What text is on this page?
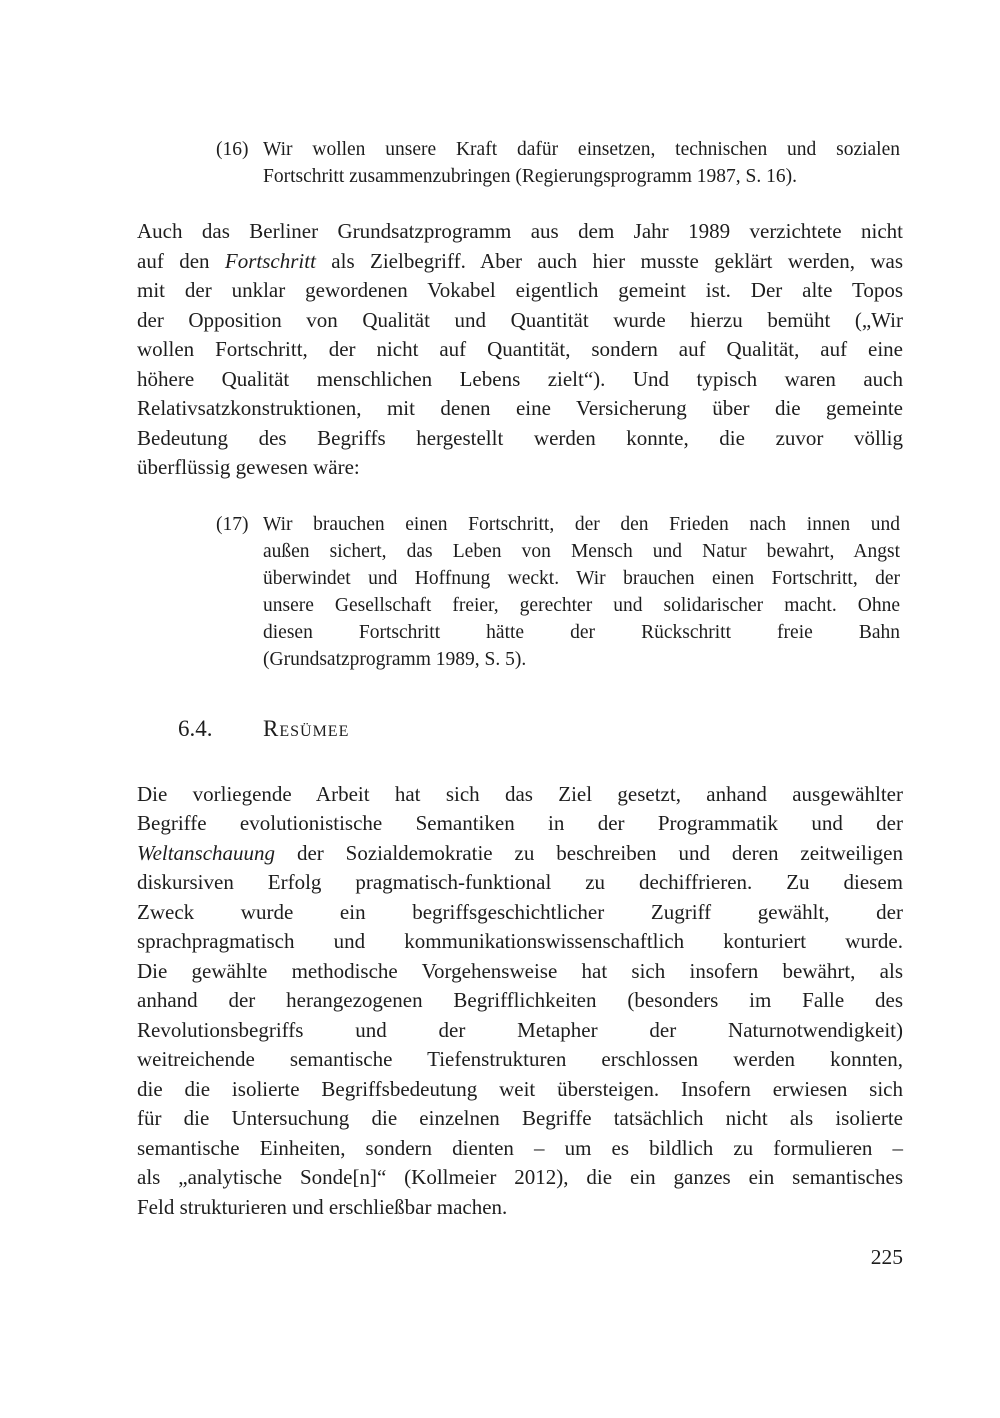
(16) Wir wollen unsere Kraft dafür einsetzen, technischen und sozialen
Fortschritt zusammenzubringen (Regierungsprogramm 1987, S. 16).
Auch das Berliner Grundsatzprogramm aus dem Jahr 1989 verzichtete nicht
auf den Fortschritt als Zielbegriff. Aber auch hier musste geklärt werden, was
mit der unklar gewordenen Vokabel eigentlich gemeint ist. Der alte Topos
der Opposition von Qualität und Quantität wurde hierzu bemüht („Wir
wollen Fortschritt, der nicht auf Quantität, sondern auf Qualität, auf eine
höhere Qualität menschlichen Lebens zielt“). Und typisch waren auch
Relativsatzkonstruktionen, mit denen eine Versicherung über die gemeinte
Bedeutung des Begriffs hergestellt werden konnte, die zuvor völlig
überflüssig gewesen wäre:
(17) Wir brauchen einen Fortschritt, der den Frieden nach innen und
außen sichert, das Leben von Mensch und Natur bewahrt, Angst
überwindet und Hoffnung weckt. Wir brauchen einen Fortschritt, der
unsere Gesellschaft freier, gerechter und solidarischer macht. Ohne
diesen Fortschritt hätte der Rückschritt freie Bahn
(Grundsatzprogramm 1989, S. 5).
6.4. Resümee
Die vorliegende Arbeit hat sich das Ziel gesetzt, anhand ausgewählter
Begriffe evolutionistische Semantiken in der Programmatik und der
Weltanschauung der Sozialdemokratie zu beschreiben und deren zeitweiligen
diskursiven Erfolg pragmatisch-funktional zu dechiffrieren. Zu diesem
Zweck wurde ein begriffsgeschichtlicher Zugriff gewählt, der
sprachpragmatisch und kommunikationswissenschaftlich konturiert wurde.
Die gewählte methodische Vorgehensweise hat sich insofern bewährt, als
anhand der herangezogenen Begrifflichkeiten (besonders im Falle des
Revolutionsbegriffs und der Metapher der Naturnotwendigkeit)
weitreichende semantische Tiefenstrukturen erschlossen werden konnten,
die die isolierte Begriffsbedeutung weit übersteigen. Insofern erwiesen sich
für die Untersuchung die einzelnen Begriffe tatsächlich nicht als isolierte
semantische Einheiten, sondern dienten – um es bildlich zu formulieren –
als „analytische Sonde[n]“ (Kollmeier 2012), die ein ganzes ein semantisches
Feld strukturieren und erschließbar machen.
225
